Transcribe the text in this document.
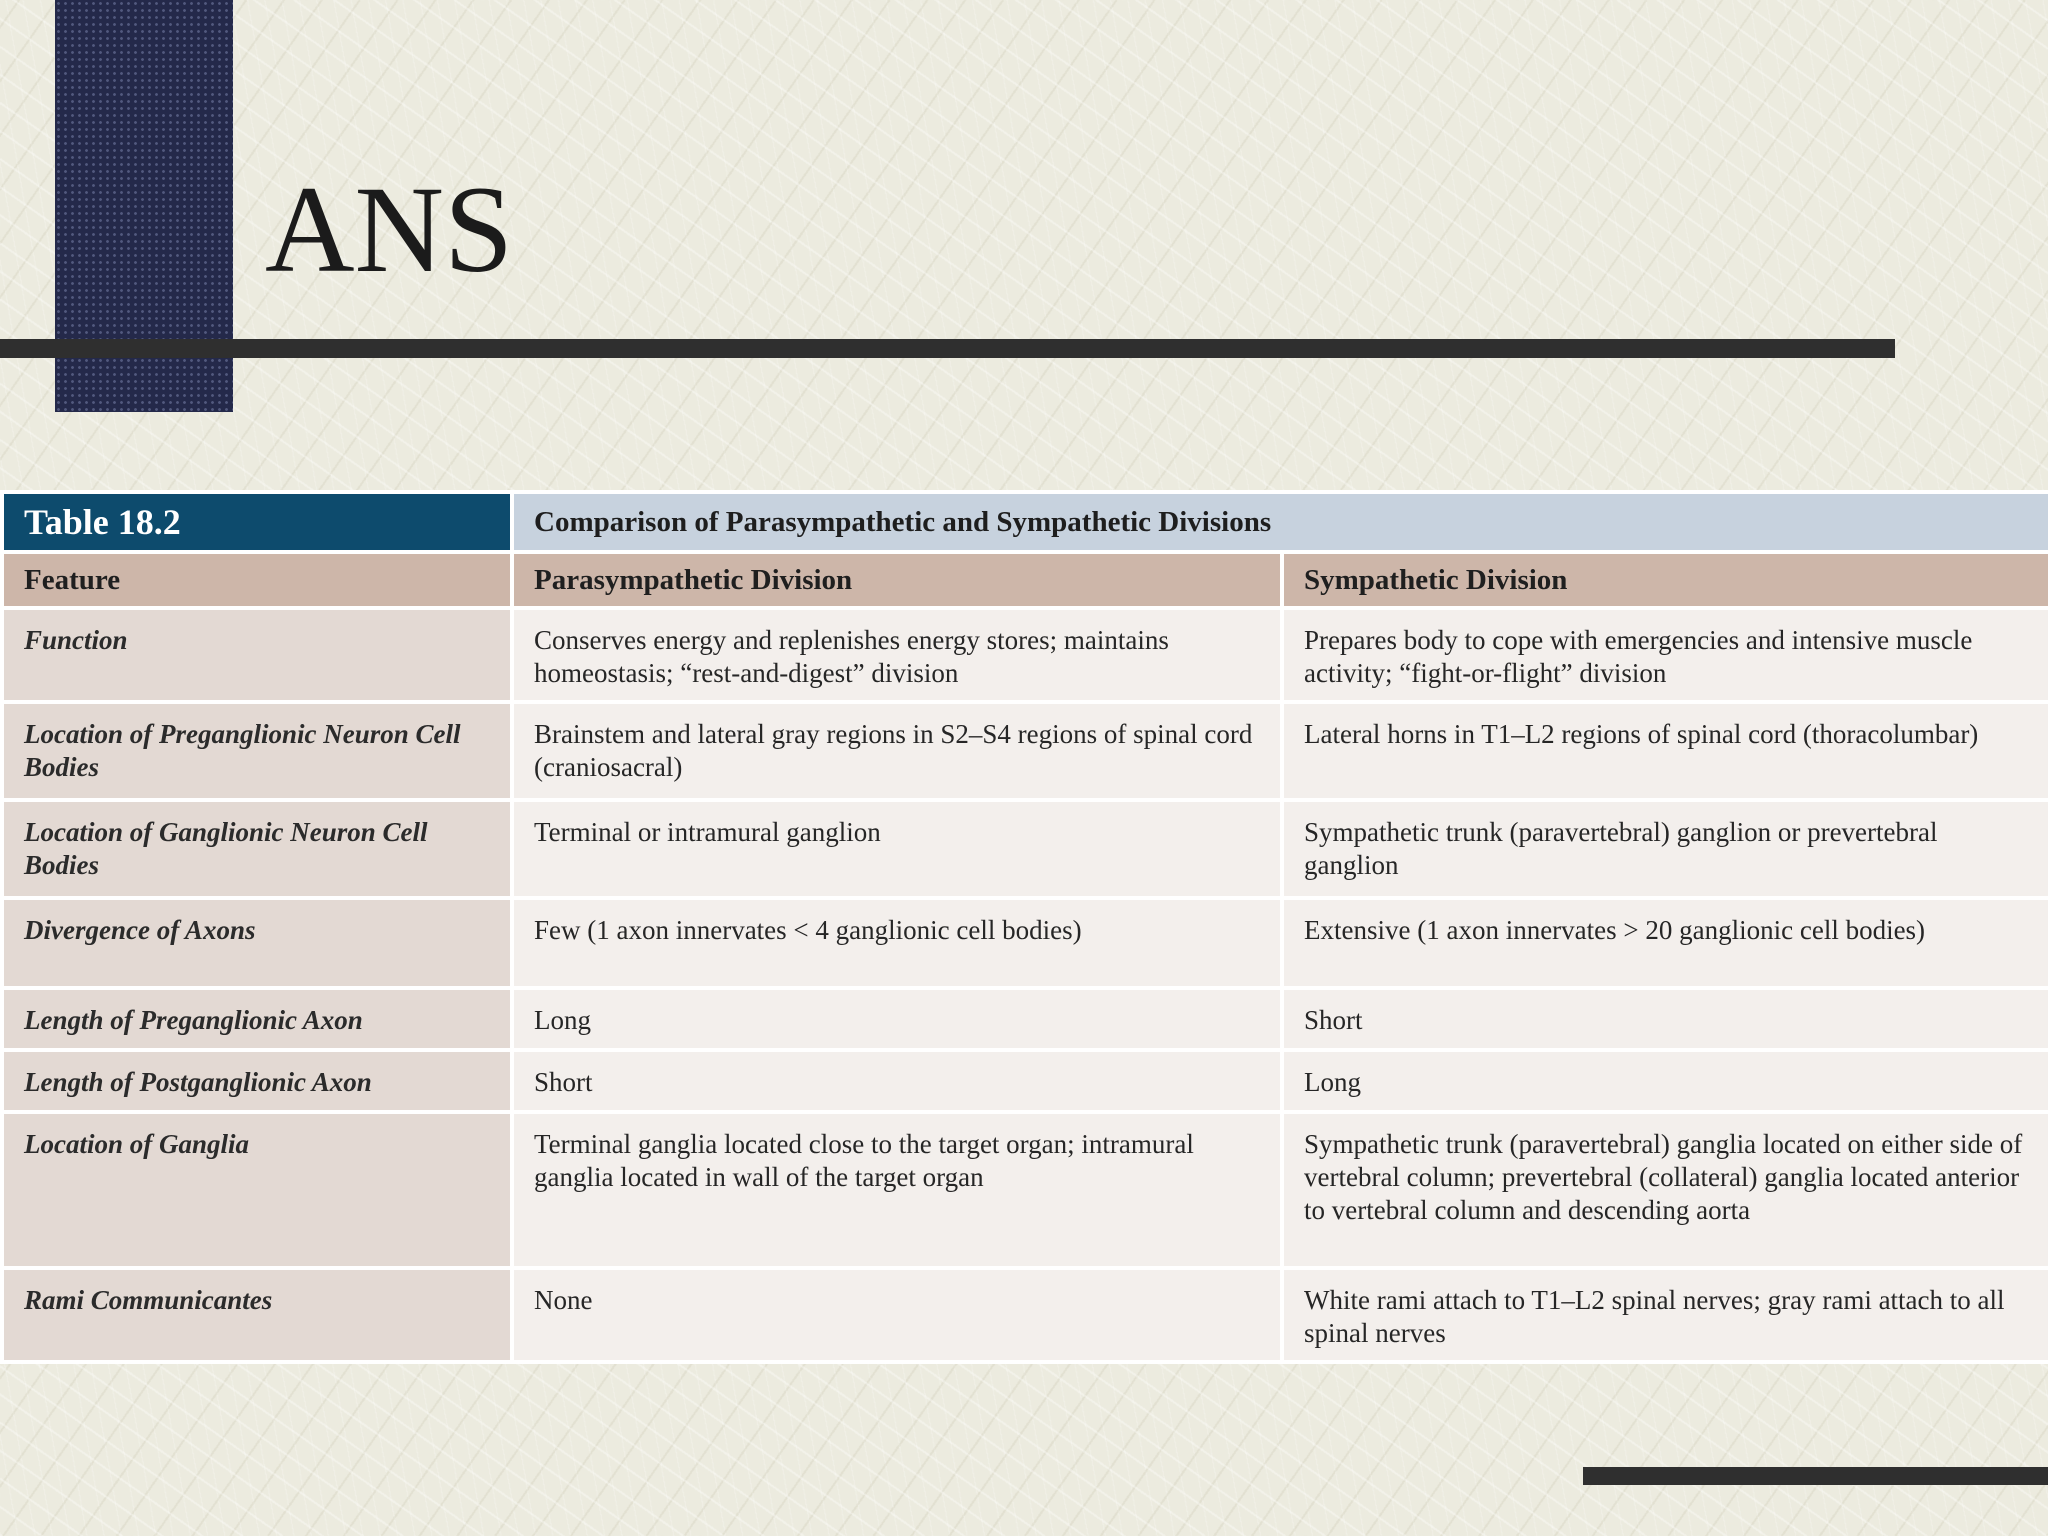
ANS
Table 18.2	Comparison of Parasympathetic and Sympathetic Divisions	
Feature	Parasympathetic Division	Sympathetic Division
Function	Conserves energy and replenishes energy stores; maintains homeostasis; “rest-and-digest” division	Prepares body to cope with emergencies and intensive muscle activity; “fight-or-flight” division
Location of Preganglionic Neuron Cell Bodies	Brainstem and lateral gray regions in S2–S4 regions of spinal cord (craniosacral)	Lateral horns in T1–L2 regions of spinal cord (thoracolumbar)
Location of Ganglionic Neuron Cell Bodies	Terminal or intramural ganglion	Sympathetic trunk (paravertebral) ganglion or prevertebral ganglion
Divergence of Axons	Few (1 axon innervates < 4 ganglionic cell bodies)	Extensive (1 axon innervates > 20 ganglionic cell bodies)
Length of Preganglionic Axon	Long	Short
Length of Postganglionic Axon	Short	Long
Location of Ganglia	Terminal ganglia located close to the target organ; intramural ganglia located in wall of the target organ	Sympathetic trunk (paravertebral) ganglia located on either side of vertebral column; prevertebral (collateral) ganglia located anterior to vertebral column and descending aorta
Rami Communicantes	None	White rami attach to T1–L2 spinal nerves; gray rami attach to all spinal nerves
